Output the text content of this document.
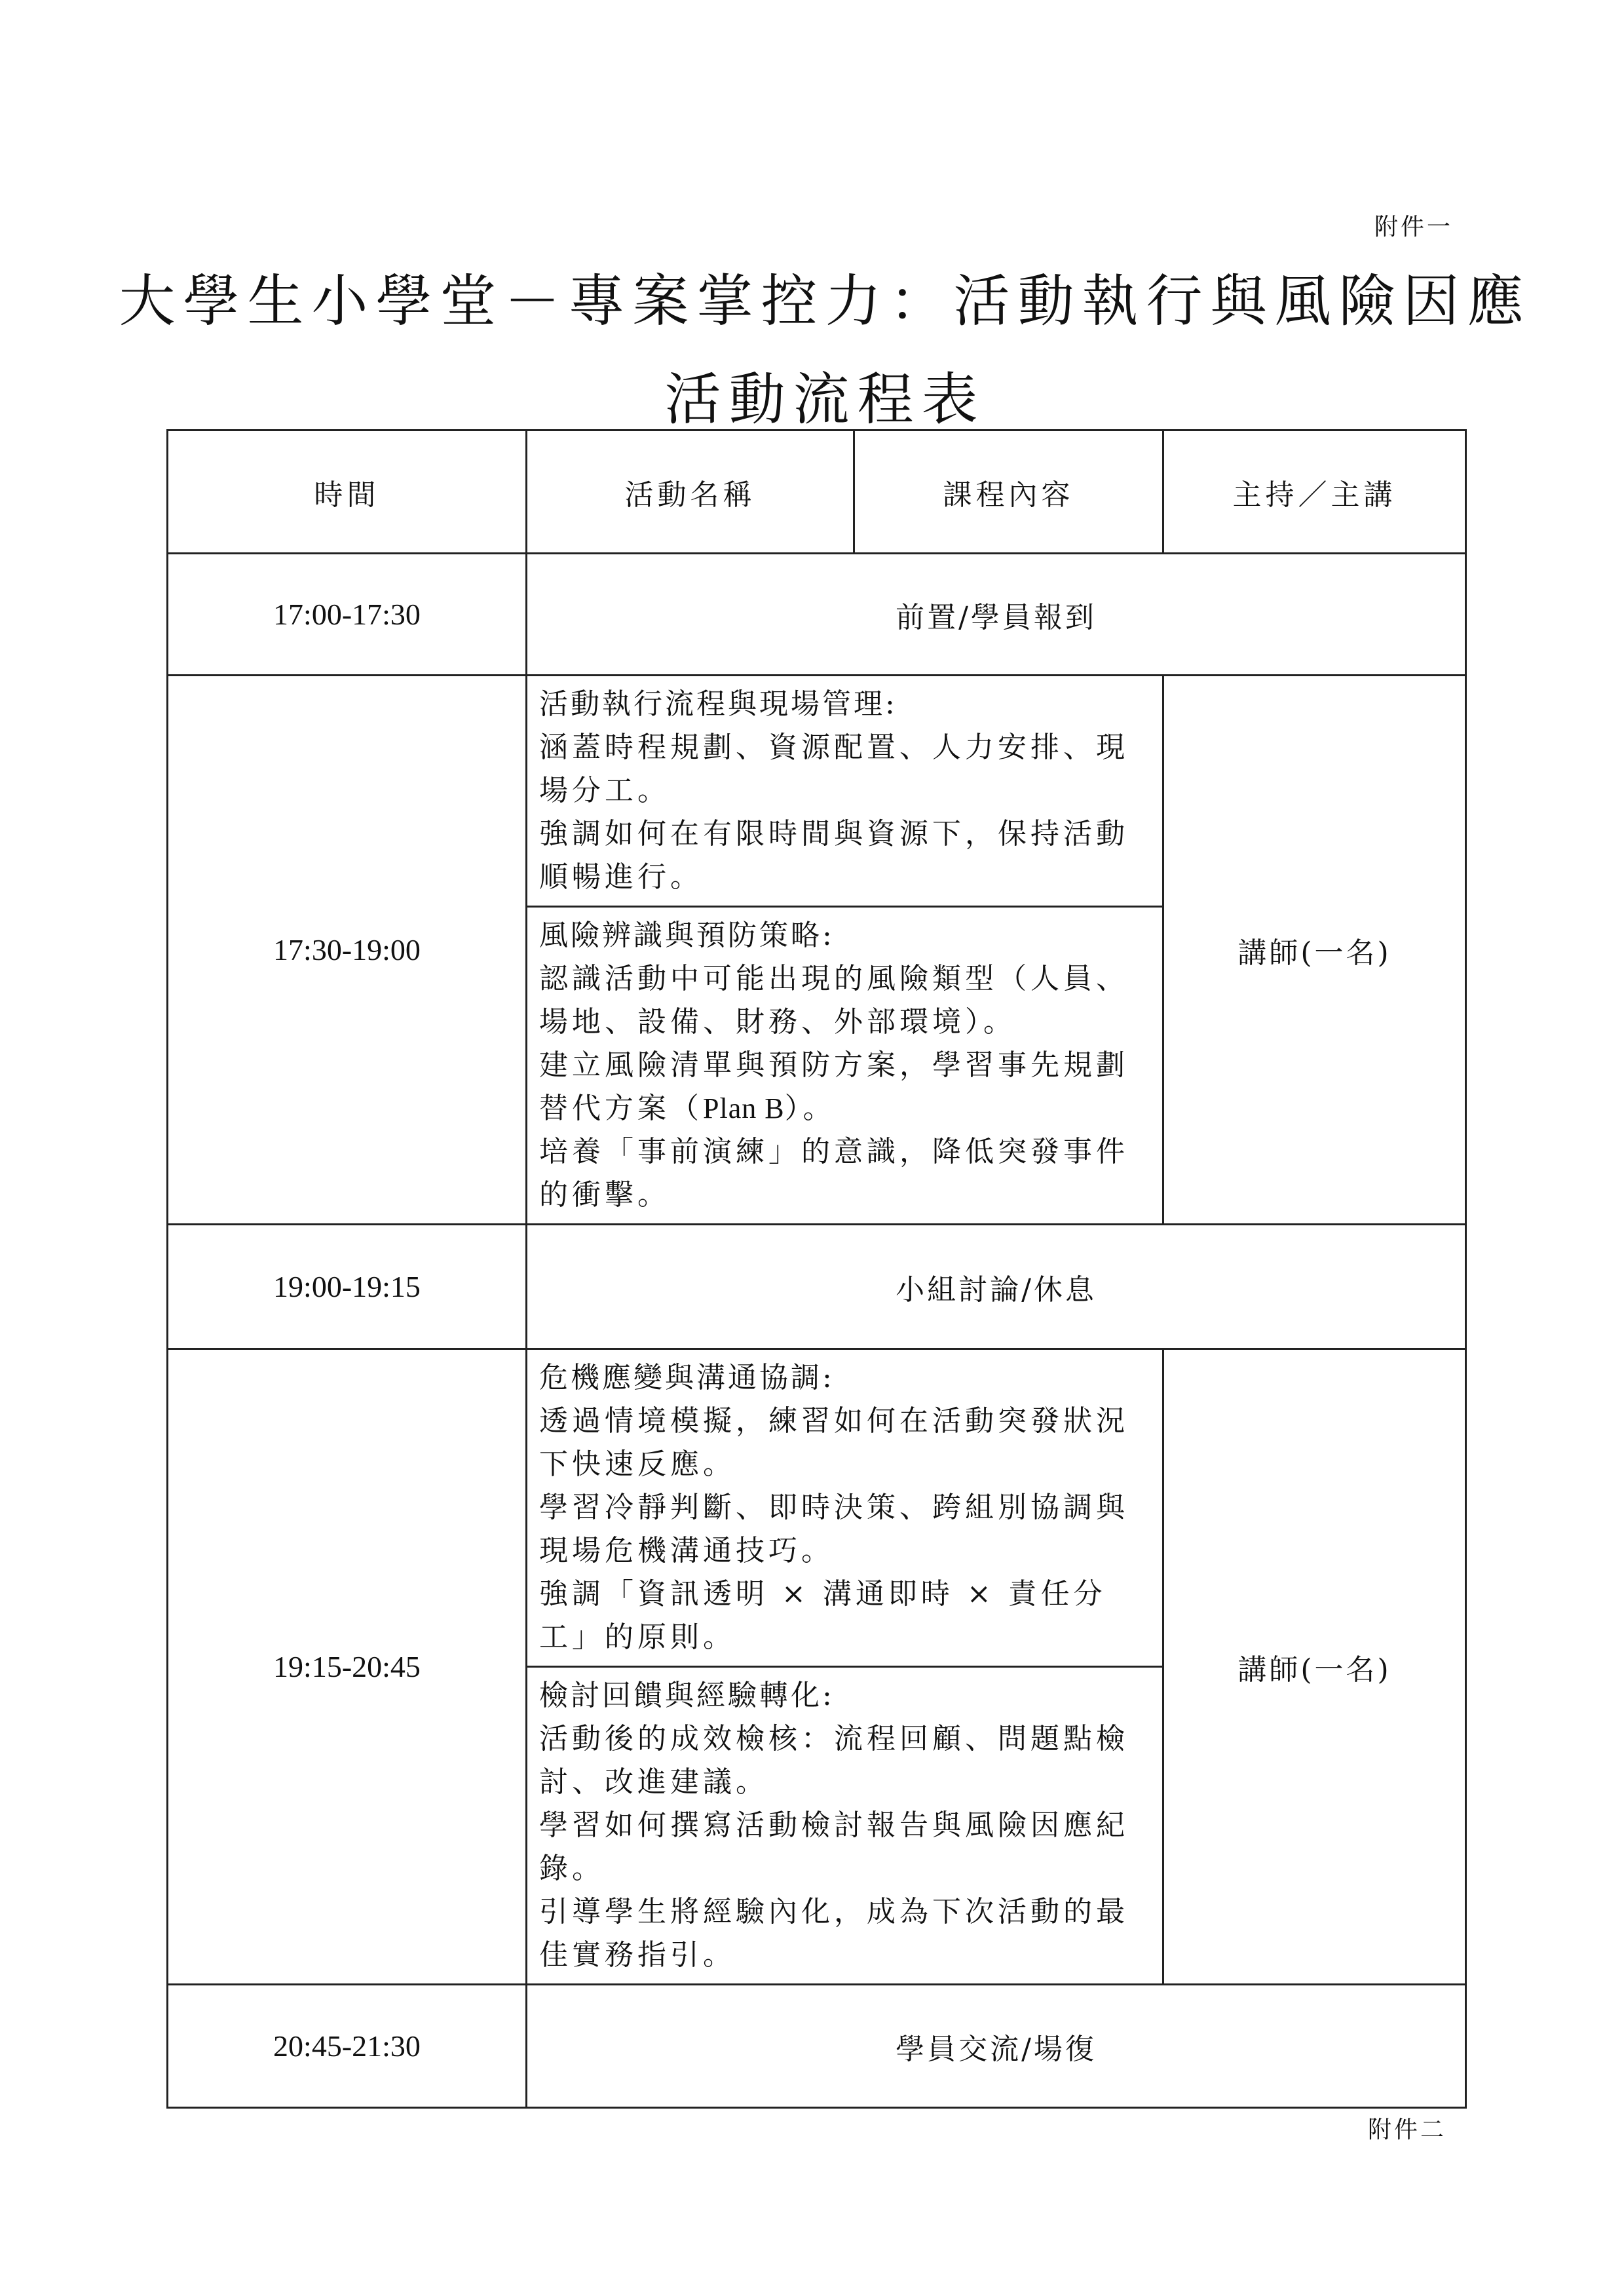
附件一
大學生小學堂－專案掌控力：活動執行與風險因應
活動流程表
時間	活動名稱	課程內容	主持／主講
17:00-17:30	前置/學員報到		
17:30-19:00	活動執行流程與現場管理:

涵蓋時程規劃、資源配置、人力安排、現場分工。

強調如何在有限時間與資源下，保持活動順暢進行。		講師(一名)

	風險辨識與預防策略:

認識活動中可能出現的風險類型（人員、場地、設備、財務、外部環境）。

建立風險清單與預防方案，學習事先規劃替代方案（Plan B）。

培養「事前演練」的意識，降低突發事件的衝擊。		

19:00-19:15	小組討論/休息		
19:15-20:45	危機應變與溝通協調:

透過情境模擬，練習如何在活動突發狀況下快速反應。

學習冷靜判斷、即時決策、跨組別協調與現場危機溝通技巧。

強調「資訊透明 × 溝通即時 × 責任分工」的原則。		講師(一名)

	檢討回饋與經驗轉化:

活動後的成效檢核：流程回顧、問題點檢討、改進建議。

學習如何撰寫活動檢討報告與風險因應紀錄。

引導學生將經驗內化，成為下次活動的最佳實務指引。		

20:45-21:30	學員交流/場復		
附件二
